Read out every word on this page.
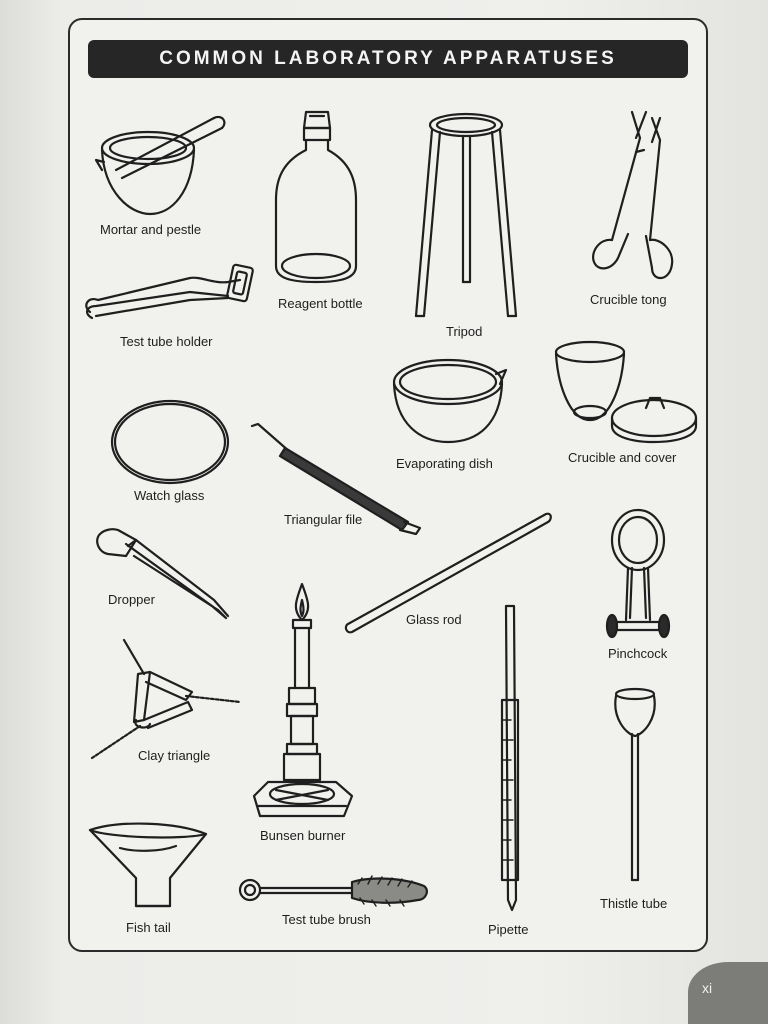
COMMON LABORATORY APPARATUSES
Mortar and pestle
Reagent bottle
Tripod
Crucible tong
Test tube holder
Evaporating dish	Crucible and cover
Watch glass
Triangular file
Dropper
Glass rod
Pinchcock
Clay triangle
Bunsen burner
Thistle tube
Fish tail
Test tube brush
Pipette
xi
